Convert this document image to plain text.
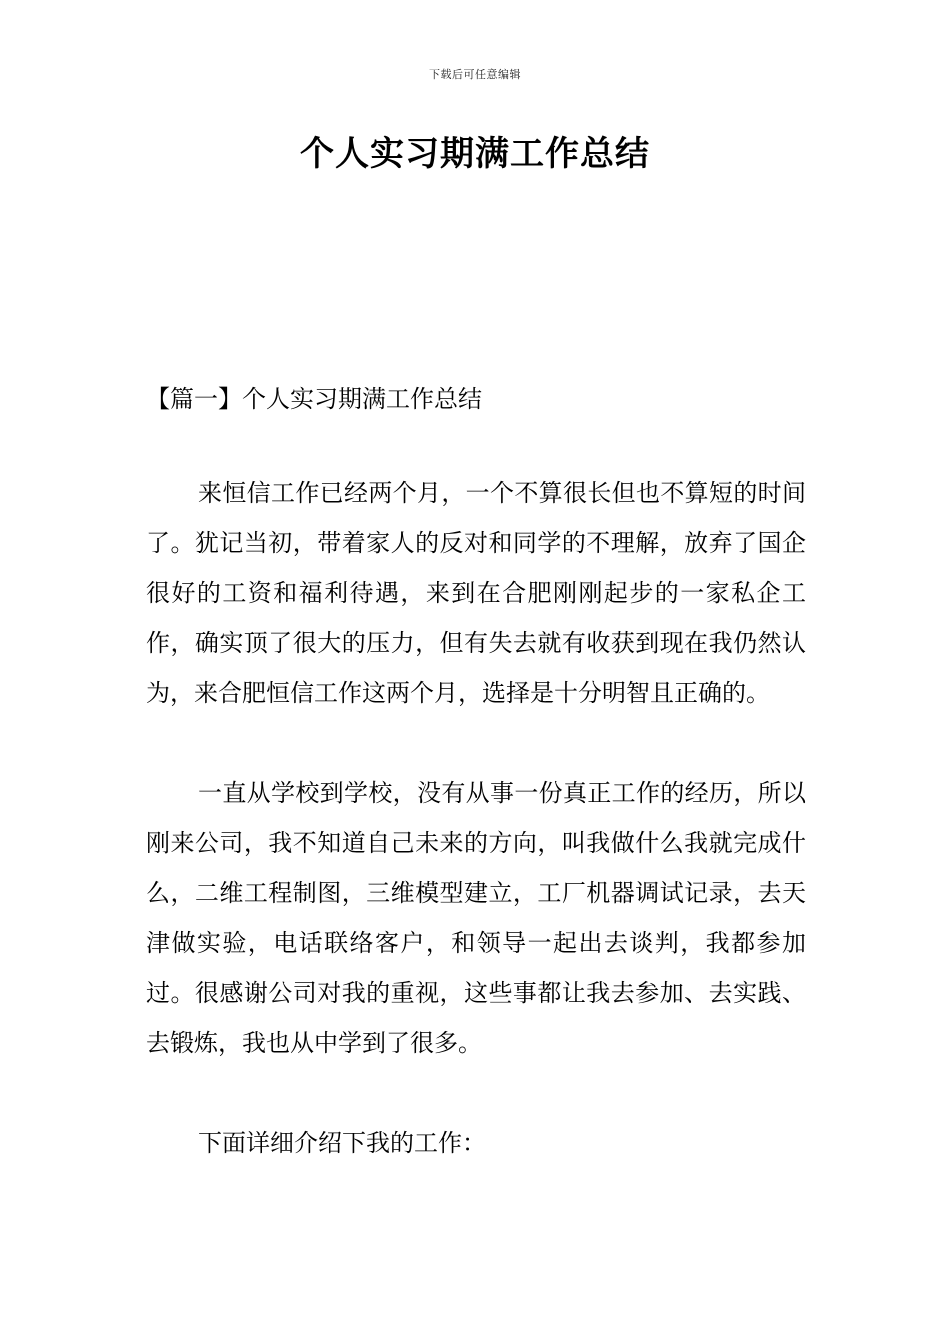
下载后可任意编辑
个人实习期满工作总结

【篇一】个人实习期满工作总结

来恒信工作已经两个月，一个不算很长但也不算短的时间了。犹记当初，带着家人的反对和同学的不理解，放弃了国企很好的工资和福利待遇，来到在合肥刚刚起步的一家私企工作，确实顶了很大的压力，但有失去就有收获到现在我仍然认为，来合肥恒信工作这两个月，选择是十分明智且正确的。

一直从学校到学校，没有从事一份真正工作的经历，所以刚来公司，我不知道自己未来的方向，叫我做什么我就完成什么，二维工程制图，三维模型建立，工厂机器调试记录，去天津做实验，电话联络客户，和领导一起出去谈判，我都参加过。很感谢公司对我的重视，这些事都让我去参加、去实践、去锻炼，我也从中学到了很多。

下面详细介绍下我的工作：
